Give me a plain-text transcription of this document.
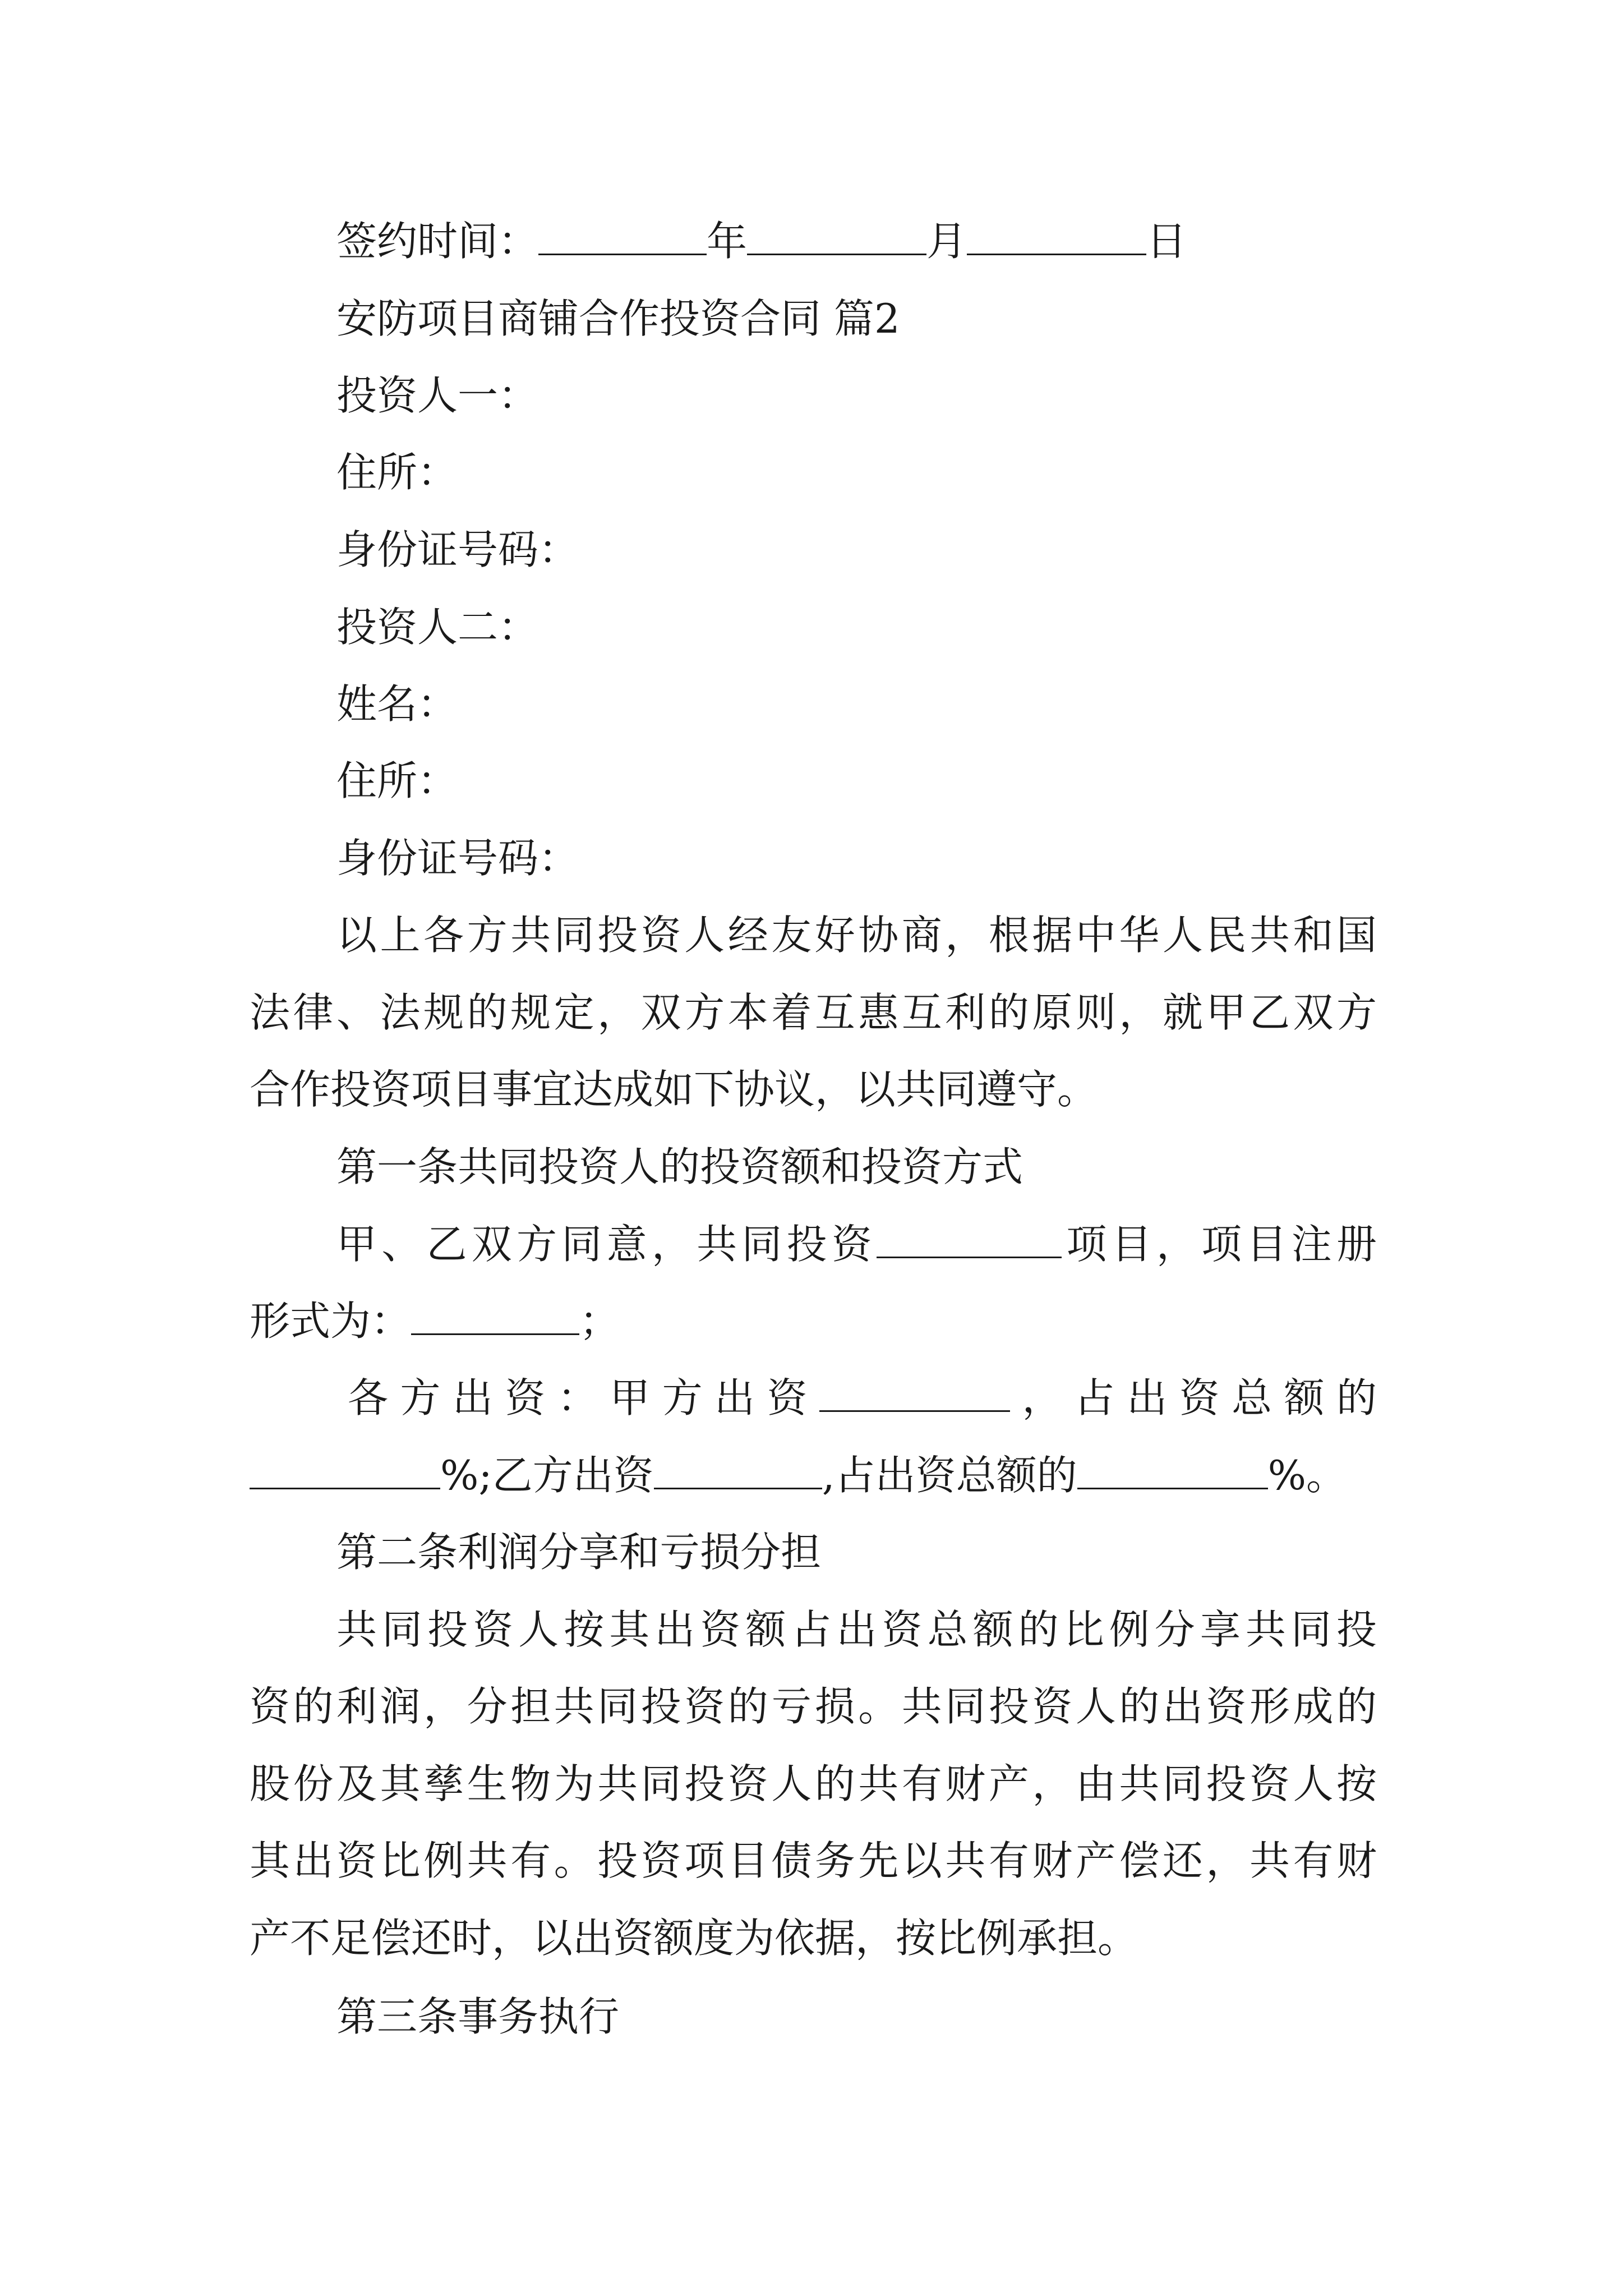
签约时间：	年	月	日
安防项目商铺合作投资合同 篇2
投资人一：
住所：
身份证号码：
投资人二：
姓名：
住所：
身份证号码：
以上各方共同投资人经友好协商，根据中华人民共和国
法律、法规的规定，双方本着互惠互利的原则，就甲乙双方
合作投资项目事宜达成如下协议，以共同遵守。
第一条共同投资人的投资额和投资方式
甲、乙双方同意，共同投资	项目，项目注册
形式为：	；
各方出资：甲方出资	，占出资总额的
%;乙方出资	,占出资总额的	%。
第二条利润分享和亏损分担
共同投资人按其出资额占出资总额的比例分享共同投
资的利润，分担共同投资的亏损。共同投资人的出资形成的
股份及其孳生物为共同投资人的共有财产，由共同投资人按
其出资比例共有。投资项目债务先以共有财产偿还，共有财
产不足偿还时，以出资额度为依据，按比例承担。
第三条事务执行
